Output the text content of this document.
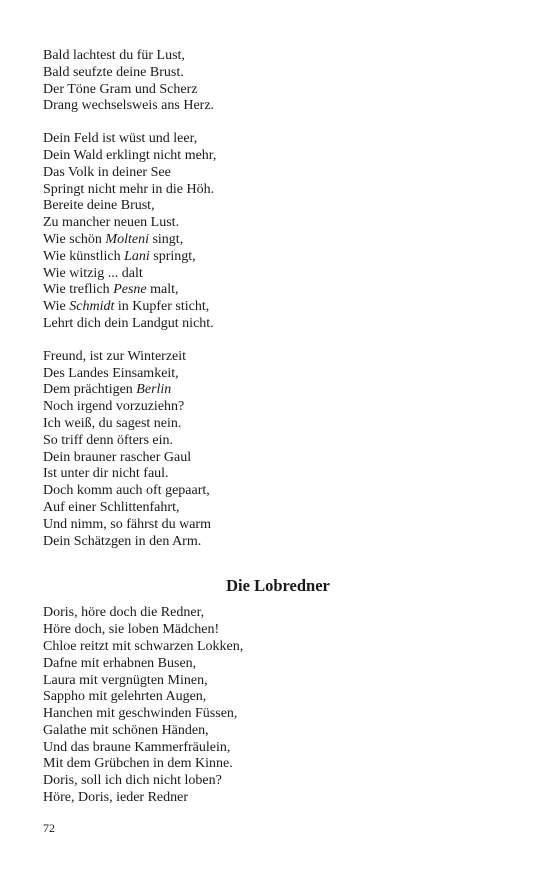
Bald lachtest du für Lust,
Bald seufzte deine Brust.
Der Töne Gram und Scherz
Drang wechselsweis ans Herz.
Dein Feld ist wüst und leer,
Dein Wald erklingt nicht mehr,
Das Volk in deiner See
Springt nicht mehr in die Höh.
Bereite deine Brust,
Zu mancher neuen Lust.
Wie schön Molteni singt,
Wie künstlich Lani springt,
Wie witzig ... dalt
Wie treflich Pesne malt,
Wie Schmidt in Kupfer sticht,
Lehrt dich dein Landgut nicht.
Freund, ist zur Winterzeit
Des Landes Einsamkeit,
Dem prächtigen Berlin
Noch irgend vorzuziehn?
Ich weiß, du sagest nein.
So triff denn öfters ein.
Dein brauner rascher Gaul
Ist unter dir nicht faul.
Doch komm auch oft gepaart,
Auf einer Schlittenfahrt,
Und nimm, so fährst du warm
Dein Schätzgen in den Arm.
Die Lobredner
Doris, höre doch die Redner,
Höre doch, sie loben Mädchen!
Chloe reitzt mit schwarzen Lokken,
Dafne mit erhabnen Busen,
Laura mit vergnügten Minen,
Sappho mit gelehrten Augen,
Hanchen mit geschwinden Füssen,
Galathe mit schönen Händen,
Und das braune Kammerfräulein,
Mit dem Grübchen in dem Kinne.
Doris, soll ich dich nicht loben?
Höre, Doris, ieder Redner
72
